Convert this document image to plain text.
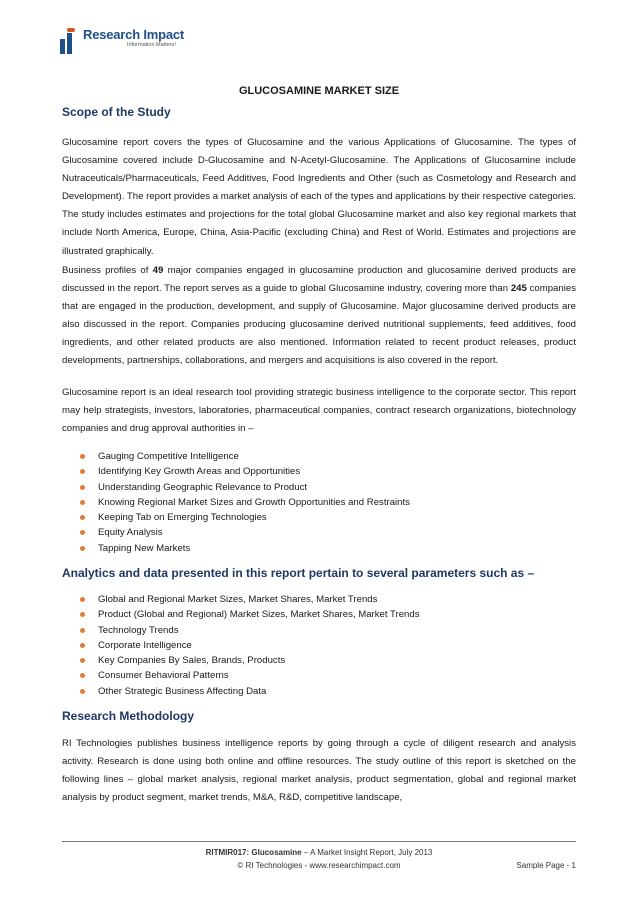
Research Impact
Information Matters!
GLUCOSAMINE MARKET SIZE
Scope of the Study

Glucosamine report covers the types of Glucosamine and the various Applications of Glucosamine. The types of Glucosamine covered include D-Glucosamine and N-Acetyl-Glucosamine. The Applications of Glucosamine include Nutraceuticals/Pharmaceuticals, Feed Additives, Food Ingredients and Other (such as Cosmetology and Research and Development). The report provides a market analysis of each of the types and applications by their respective categories. The study includes estimates and projections for the total global Glucosamine market and also key regional markets that include North America, Europe, China, Asia-Pacific (excluding China) and Rest of World. Estimates and projections are illustrated graphically.

Business profiles of 49 major companies engaged in glucosamine production and glucosamine derived products are discussed in the report. The report serves as a guide to global Glucosamine industry, covering more than 245 companies that are engaged in the production, development, and supply of Glucosamine. Major glucosamine derived products are also discussed in the report. Companies producing glucosamine derived nutritional supplements, feed additives, food ingredients, and other related products are also mentioned. Information related to recent product releases, product developments, partnerships, collaborations, and mergers and acquisitions is also covered in the report.

Glucosamine report is an ideal research tool providing strategic business intelligence to the corporate sector. This report may help strategists, investors, laboratories, pharmaceutical companies, contract research organizations, biotechnology companies and drug approval authorities in –

Gauging Competitive Intelligence
Identifying Key Growth Areas and Opportunities
Understanding Geographic Relevance to Product
Knowing Regional Market Sizes and Growth Opportunities and Restraints
Keeping Tab on Emerging Technologies
Equity Analysis
Tapping New Markets
Analytics and data presented in this report pertain to several parameters such as –
Global and Regional Market Sizes, Market Shares, Market Trends
Product (Global and Regional) Market Sizes, Market Shares, Market Trends
Technology Trends
Corporate Intelligence
Key Companies By Sales, Brands, Products
Consumer Behavioral Patterns
Other Strategic Business Affecting Data
Research Methodology

RI Technologies publishes business intelligence reports by going through a cycle of diligent research and analysis activity. Research is done using both online and offline resources. The study outline of this report is sketched on the following lines – global market analysis, regional market analysis, product segmentation, global and regional market analysis by product segment, market trends, M&A, R&D, competitive landscape,

RITMIR017: Glucosamine – A Market Insight Report, July 2013
© RI Technologies - www.researchimpact.com	Sample Page - 1
